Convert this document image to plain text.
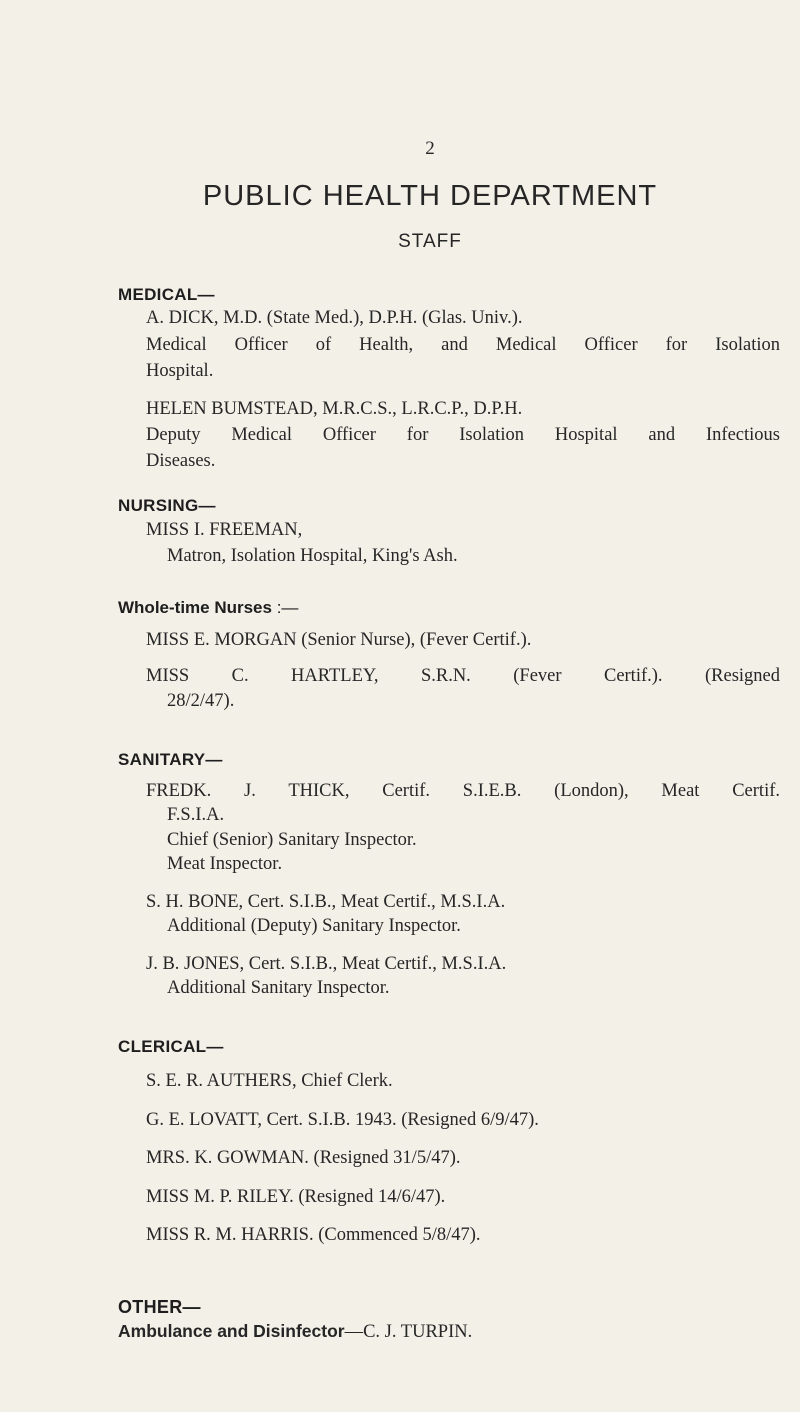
2
PUBLIC HEALTH DEPARTMENT
STAFF
MEDICAL—
A. DICK, M.D. (State Med.), D.P.H. (Glas. Univ.).
Medical Officer of Health, and Medical Officer for Isolation
Hospital.
HELEN BUMSTEAD, M.R.C.S., L.R.C.P., D.P.H.
Deputy Medical Officer for Isolation Hospital and Infectious
Diseases.
NURSING—
MISS I. FREEMAN,
Matron, Isolation Hospital, King's Ash.
Whole-time Nurses :—
MISS E. MORGAN (Senior Nurse), (Fever Certif.).
MISS C. HARTLEY, S.R.N. (Fever Certif.). (Resigned
28/2/47).
SANITARY—
FREDK. J. THICK, Certif. S.I.E.B. (London), Meat Certif.
F.S.I.A.
Chief (Senior) Sanitary Inspector.
Meat Inspector.
S. H. BONE, Cert. S.I.B., Meat Certif., M.S.I.A.
Additional (Deputy) Sanitary Inspector.
J. B. JONES, Cert. S.I.B., Meat Certif., M.S.I.A.
Additional Sanitary Inspector.
CLERICAL—
S. E. R. AUTHERS, Chief Clerk.
G. E. LOVATT, Cert. S.I.B. 1943. (Resigned 6/9/47).
MRS. K. GOWMAN. (Resigned 31/5/47).
MISS M. P. RILEY. (Resigned 14/6/47).
MISS R. M. HARRIS. (Commenced 5/8/47).
OTHER—
Ambulance and Disinfector—C. J. TURPIN.
